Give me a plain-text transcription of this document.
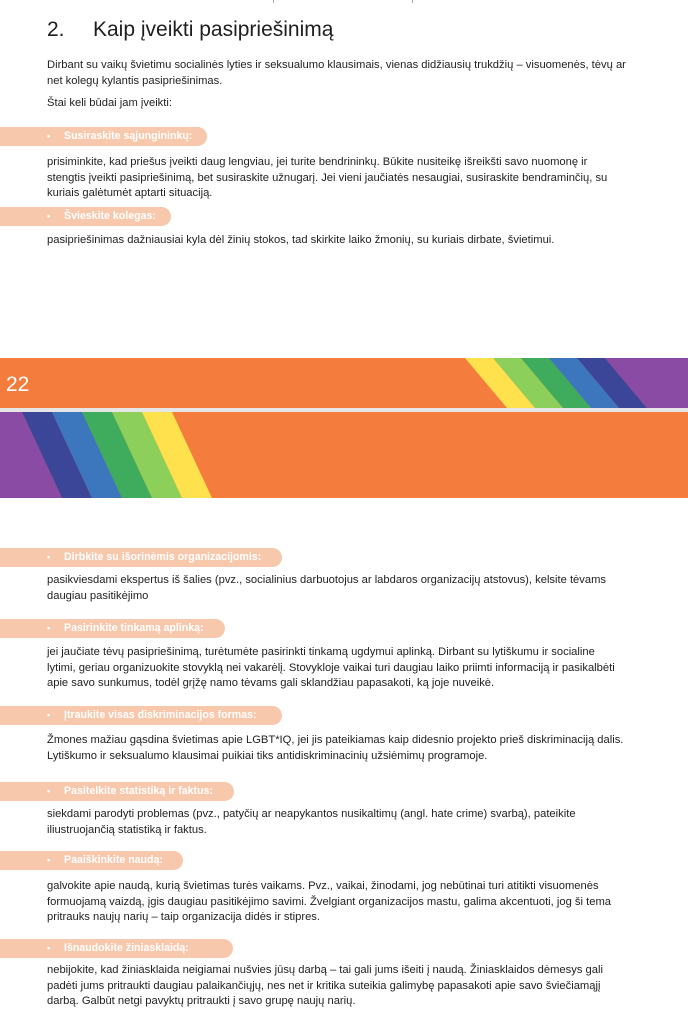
2. Kaip įveikti pasipriešinimą
Dirbant su vaikų švietimu socialinės lyties ir seksualumo klausimais, vienas didžiausių trukdžių – visuomenės, tėvų ar
net kolegų kylantis pasipriešinimas.
Štai keli būdai jam įveikti:
• Susiraskite sąjungininkų:
prisiminkite, kad priešus įveikti daug lengviau, jei turite bendrininkų. Būkite nusiteikę išreikšti savo nuomonę ir
stengtis įveikti pasipriešinimą, bet susiraskite užnugarį. Jei vieni jaučiatės nesaugiai, susiraskite bendraminčių, su
kuriais galėtumėt aptarti situaciją.
• Švieskite kolegas:
pasipriešinimas dažniausiai kyla dėl žinių stokos, tad skirkite laiko žmonių, su kuriais dirbate, švietimui.
22
• Dirbkite su išorinėmis organizacijomis:
pasikviesdami ekspertus iš šalies (pvz., socialinius darbuotojus ar labdaros organizacijų atstovus), kelsite tėvams
daugiau pasitikėjimo
• Pasirinkite tinkamą aplinką:
jei jaučiate tėvų pasipriešinimą, turėtumėte pasirinkti tinkamą ugdymui aplinką. Dirbant su lytiškumu ir socialine
lytimi, geriau organizuokite stovyklą nei vakarėlį. Stovykloje vaikai turi daugiau laiko priimti informaciją ir pasikalbėti
apie savo sunkumus, todėl grįžę namo tėvams gali sklandžiau papasakoti, ką joje nuveikė.
• Įtraukite visas diskriminacijos formas:
Žmones mažiau gąsdina švietimas apie LGBT*IQ, jei jis pateikiamas kaip didesnio projekto prieš diskriminaciją dalis.
Lytiškumo ir seksualumo klausimai puikiai tiks antidiskriminacinių užsiėmimų programoje.
• Pasitelkite statistiką ir faktus:
siekdami parodyti problemas (pvz., patyčių ar neapykantos nusikaltimų (angl. hate crime) svarbą), pateikite
iliustruojančią statistiką ir faktus.
• Paaiškinkite naudą:
galvokite apie naudą, kurią švietimas turės vaikams. Pvz., vaikai, žinodami, jog nebūtinai turi atitikti visuomenės
formuojamą vaizdą, įgis daugiau pasitikėjimo savimi. Žvelgiant organizacijos mastu, galima akcentuoti, jog ši tema
pritrauks naujų narių – taip organizacija didės ir stipres.
• Išnaudokite žiniasklaidą:
nebijokite, kad žiniasklaida neigiamai nušvies jūsų darbą – tai gali jums išeiti į naudą. Žiniasklaidos dėmesys gali
padėti jums pritraukti daugiau palaikančiųjų, nes net ir kritika suteikia galimybę papasakoti apie savo šviečiamąjį
darbą. Galbūt netgi pavyktų pritraukti į savo grupę naujų narių.
